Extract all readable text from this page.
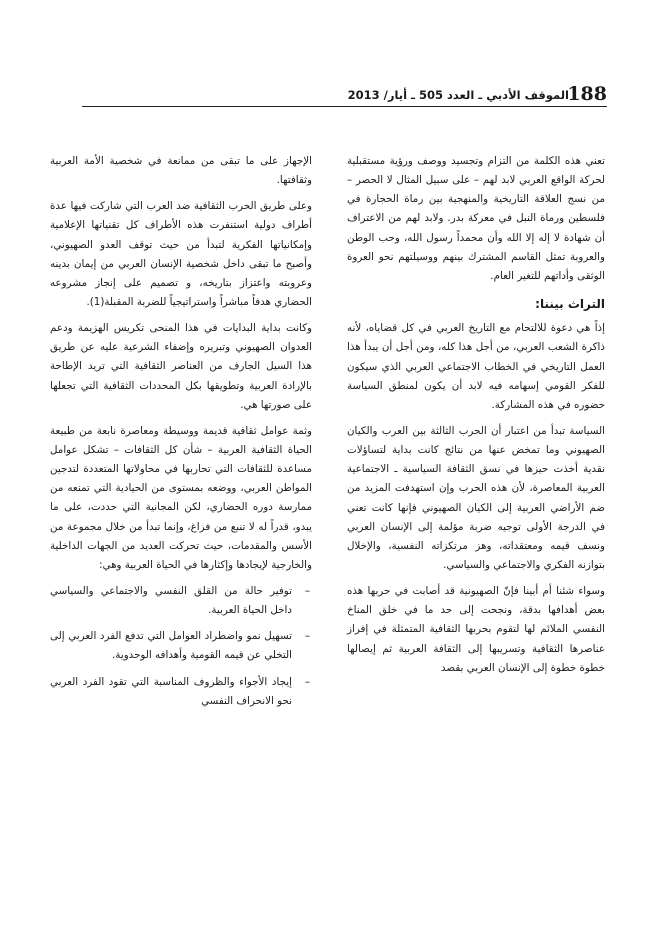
188
الموقف الأدبي ـ العدد 505 ـ أيار/ 2013

تعني هذه الكلمة من التزام وتجسيد ووصف ورؤية مستقبلية لحركة الواقع العربي لابد لهم – على سبيل المثال لا الحصر – من نسج العلاقة التاريخية والمنهجية بين رماة الحجارة في فلسطين ورماة النبل في معركة بدر. ولابد لهم من الاعتراف أن شهادة لا إله إلا الله وأن محمداً رسول الله، وحب الوطن والعروبة تمثل القاسم المشترك بينهم ووسيلتهم نحو العروة الوثقى وأداتهم للتغير العام.

التراث بيننا:

إذاً هي دعوة للالتحام مع التاريخ العربي في كل قضاياه، لأنه ذاكرة الشعب العربي، من أجل هذا كله، ومن أجل أن يبدأ هذا العمل التاريخي في الخطاب الاجتماعي العربي الذي سيكون للفكر القومي إسهامه فيه لابد أن يكون لمنطق السياسة حضوره في هذه المشاركة.

السياسة تبدأ من اعتبار أن الحرب الثالثة بين العرب والكيان الصهيوني وما تمخض عنها من نتائج كانت بداية لتساؤلات نقدية أخذت حيزها في نسق الثقافة السياسية ـ الاجتماعية العربية المعاصرة، لأن هذه الحرب وإن استهدفت المزيد من ضم الأراضي العربية إلى الكيان الصهيوني فإنها كانت تعني في الدرجة الأولى توجيه ضربة مؤلمة إلى الإنسان العربي ونسف قيمه ومعتقداته، وهز مرتكزاته النفسية، والإخلال بتوازنه الفكري والاجتماعي والسياسي.

وسواء شئنا أم أبينا فإنّ الصهيونية قد أصابت في حربها هذه بعض أهدافها بدقة، ونجحت إلى حد ما في خلق المناخ النفسي الملائم لها لتقوم بحربها الثقافية المتمثلة في إفراز عناصرها الثقافية وتسريبها إلى الثقافة العربية ثم إيصالها خطوة خطوة إلى الإنسان العربي بقصد

الإجهاز على ما تبقى من ممانعة في شخصية الأمة العربية وثقافتها.

وعلى طريق الحرب الثقافية ضد العرب التي شاركت فيها عدة أطراف دولية استنفرت هذه الأطراف كل تقنياتها الإعلامية وإمكانياتها الفكرية لتبدأ من حيث توقف العدو الصهيوني، وأصبح ما تبقى داخل شخصية الإنسان العربي من إيمان بدينه وعروبته واعتزاز بتاريخه، و تصميم على إنجاز مشروعه الحضاري هدفاً مباشراً واستراتيجياً للضربة المقبلة(1).

وكانت بداية البدايات في هذا المنحى تكريس الهزيمة ودعم العدوان الصهيوني وتبريره وإضفاء الشرعية عليه عن طريق هذا السيل الجارف من العناصر الثقافية التي تريد الإطاحة بالإرادة العربية وتطويقها بكل المحددات الثقافية التي تجعلها على صورتها هي.

وثمة عوامل ثقافية قديمة ووسيطة ومعاصرة نابعة من طبيعة الحياة الثقافية العربية – شأن كل الثقافات – تشكل عوامل مساعدة للثقافات التي تحاربها في محاولاتها المتعددة لتدجين المواطن العربي، ووضعه بمستوى من الحيادية التي تمنعه من ممارسة دوره الحضاري، لكن المجانية التي حددت، على ما يبدو، قدراً له لا تنبع من فراغ، وإنما تبدأ من خلال مجموعة من الأسس والمقدمات، حيث تحركت العديد من الجهات الداخلية والخارجية لإيجادها وإكثارها في الحياة العربية وهي:

– توفير حالة من القلق النفسي والاجتماعي والسياسي داخل الحياة العربية.
– تسهيل نمو واضطراد العوامل التي تدفع الفرد العربي إلى التخلي عن قيمه القومية وأهدافه الوحدوية.
– إيجاد الأجواء والظروف المناسبة التي تقود الفرد العربي نحو الانحراف النفسي
